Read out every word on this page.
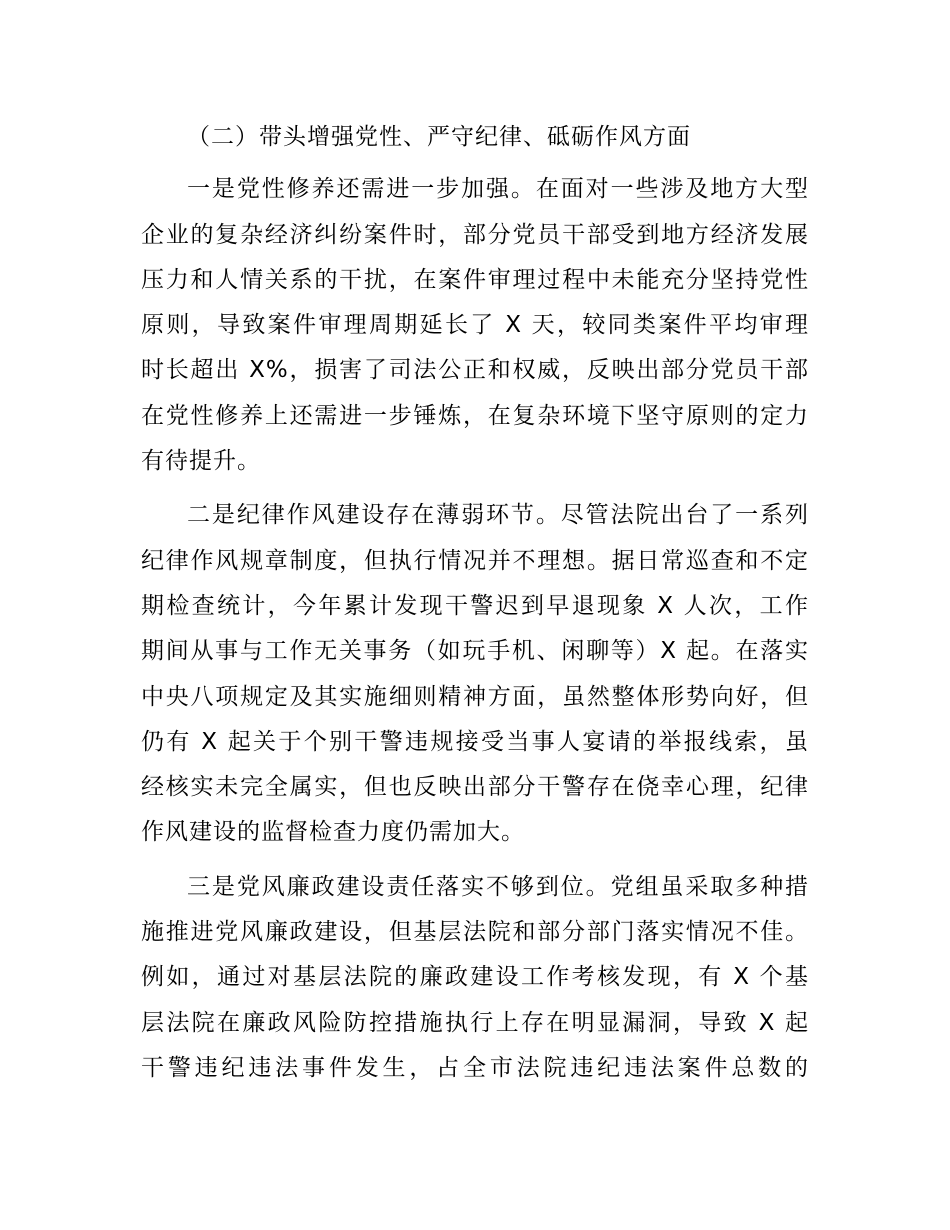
（二）带头增强党性、严守纪律、砥砺作风方面

一是党性修养还需进一步加强。在面对一些涉及地方大型
企业的复杂经济纠纷案件时，部分党员干部受到地方经济发展
压力和人情关系的干扰，在案件审理过程中未能充分坚持党性
原则，导致案件审理周期延长了 X 天，较同类案件平均审理
时长超出 X%，损害了司法公正和权威，反映出部分党员干部
在党性修养上还需进一步锤炼，在复杂环境下坚守原则的定力
有待提升。
二是纪律作风建设存在薄弱环节。尽管法院出台了一系列
纪律作风规章制度，但执行情况并不理想。据日常巡查和不定
期检查统计，今年累计发现干警迟到早退现象 X 人次，工作
期间从事与工作无关事务（如玩手机、闲聊等）X 起。在落实
中央八项规定及其实施细则精神方面，虽然整体形势向好，但
仍有 X 起关于个别干警违规接受当事人宴请的举报线索，虽
经核实未完全属实，但也反映出部分干警存在侥幸心理，纪律
作风建设的监督检查力度仍需加大。
三是党风廉政建设责任落实不够到位。党组虽采取多种措
施推进党风廉政建设，但基层法院和部分部门落实情况不佳。
例如，通过对基层法院的廉政建设工作考核发现，有 X 个基
层法院在廉政风险防控措施执行上存在明显漏洞，导致 X 起
干警违纪违法事件发生，占全市法院违纪违法案件总数的
